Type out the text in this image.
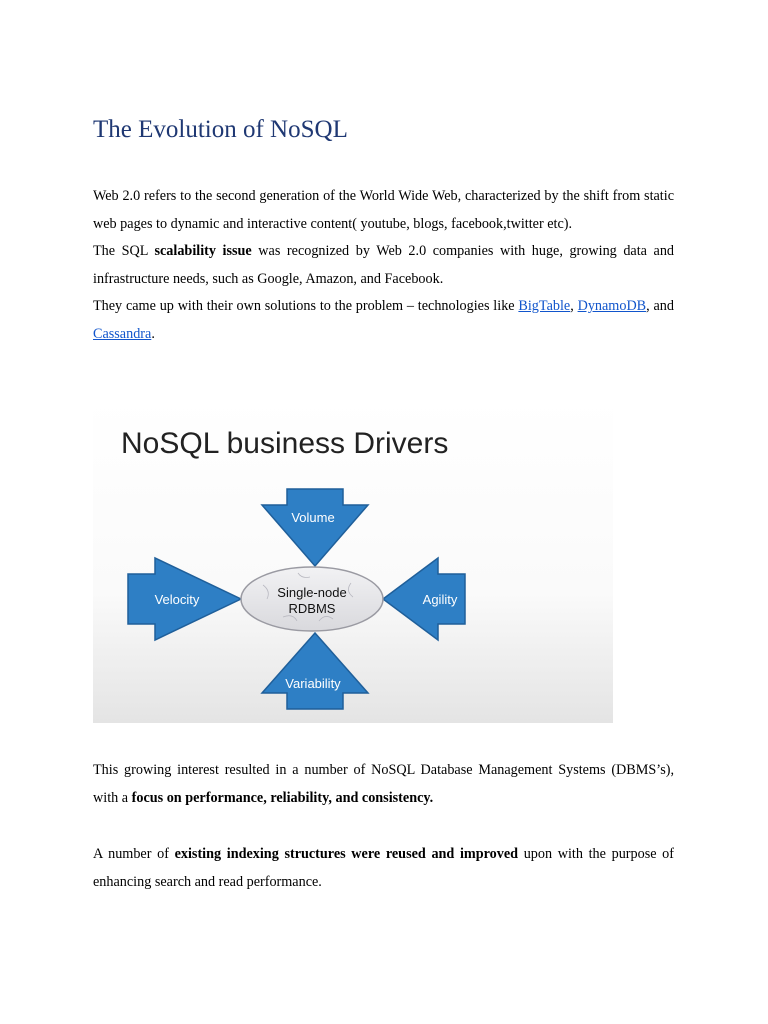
The Evolution of NoSQL

Web 2.0 refers to the second generation of the World Wide Web, characterized by the shift from static web pages to dynamic and interactive content( youtube, blogs, facebook,twitter etc).

The SQL scalability issue was recognized by Web 2.0 companies with huge, growing data and infrastructure needs, such as Google, Amazon, and Facebook.

They came up with their own solutions to the problem – technologies like BigTable, DynamoDB, and Cassandra.

This growing interest resulted in a number of NoSQL Database Management Systems (DBMS’s), with a focus on performance, reliability, and consistency.

A number of existing indexing structures were reused and improved upon with the purpose of enhancing search and read performance.

NoSQL business Drivers
Volume
Velocity	Agility
Variability
Single-node
RDBMS
